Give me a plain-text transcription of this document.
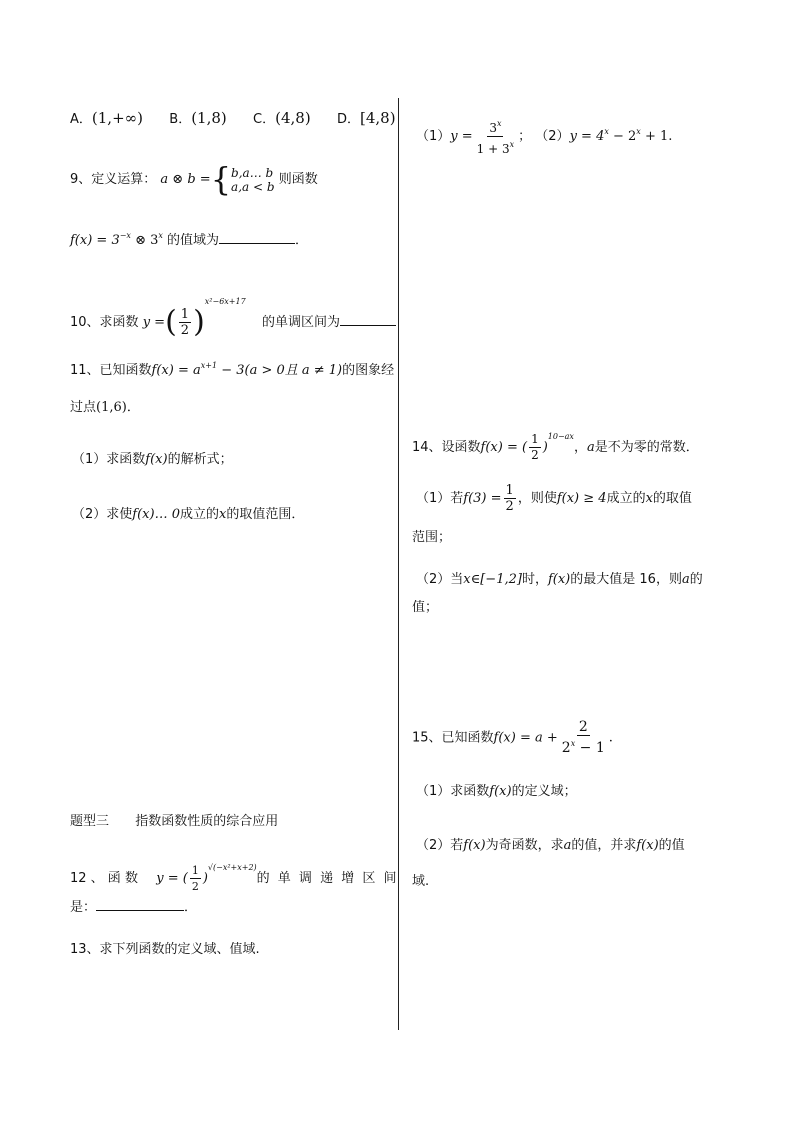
A．(1,+∞) B．(1,8) C．(4,8) D．[4,8)
9、定义运算： a ⊗ b ={ b,a… b
a,a < b 则函数
$f(x) = 3^{-x}$ ⊗ 3$^x$ 的值域为	．
10、求函数 y =( $\frac{1}{2} )^{x^2-6x+17}$  的单调区间为
11、已知函数$f(x) = a^{x+1} - 3(a > 0$且 a ≠ 1)的图象经
过点(1,6)．
（1）求函数f(x)的解析式；
（2）求使f(x)… 0成立的x的取值范围．
题型三 指数函数性质的综合应用
12 、 函 数 y = ( $\frac{1}{2} )^{√(-x^2+x+2)}$的 单 调 递 增 区 间
是：	．
13、求下列函数的定义域、值域.
$(1)y = \frac{3^x}{1 + 3^x}$ ； $(2)y = 4^x - 2^x + 1$.
14、设函数f(x) = ( $\frac{1}{2} )^{10-ax}$，a是不为零的常数．
（1）若$f(3) = \frac{1}{2}$ ，则使f(x) ≥ 4成立的x的取值
范围；
（2）当x∈[−1,2]时，f(x)的最大值是 16，则a的
值；
15、已知函数$f(x) = a + \frac{2}{2^x - 1}$ .
（1）求函数f(x)的定义域；
（2）若f(x)为奇函数，求a的值，并求f(x)的值
域.
